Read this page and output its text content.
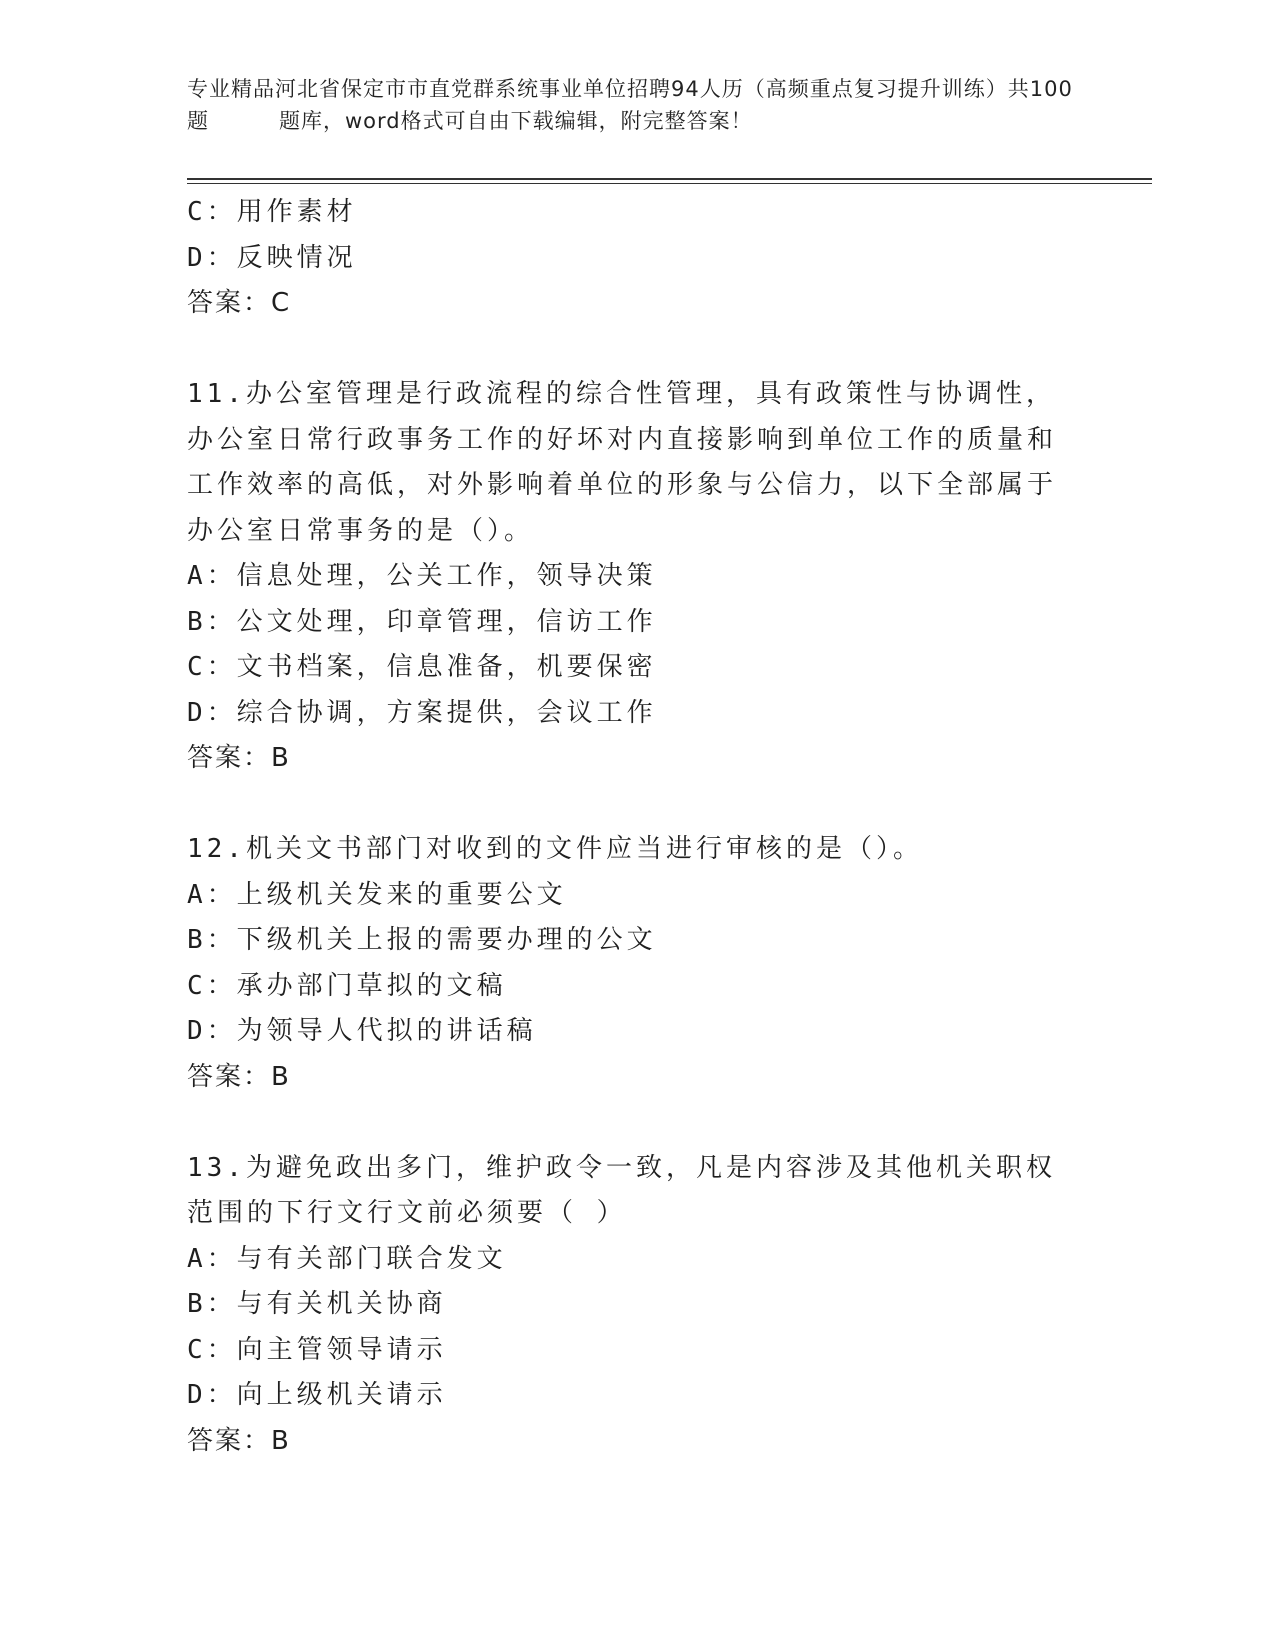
专业精品河北省保定市市直党群系统事业单位招聘94人历（高频重点复习提升训练）共100题	题库，word格式可自由下载编辑，附完整答案！
C：用作素材
D：反映情况
答案：C
11.办公室管理是行政流程的综合性管理，具有政策性与协调性，办公室日常行政事务工作的好坏对内直接影响到单位工作的质量和工作效率的高低，对外影响着单位的形象与公信力，以下全部属于办公室日常事务的是（）。
A：信息处理，公关工作，领导决策
B：公文处理，印章管理，信访工作
C：文书档案，信息准备，机要保密
D：综合协调，方案提供，会议工作
答案：B
12.机关文书部门对收到的文件应当进行审核的是（）。
A：上级机关发来的重要公文
B：下级机关上报的需要办理的公文
C：承办部门草拟的文稿
D：为领导人代拟的讲话稿
答案：B
13.为避免政出多门，维护政令一致，凡是内容涉及其他机关职权范围的下行文行文前必须要（ ）
A：与有关部门联合发文
B：与有关机关协商
C：向主管领导请示
D：向上级机关请示
答案：B
